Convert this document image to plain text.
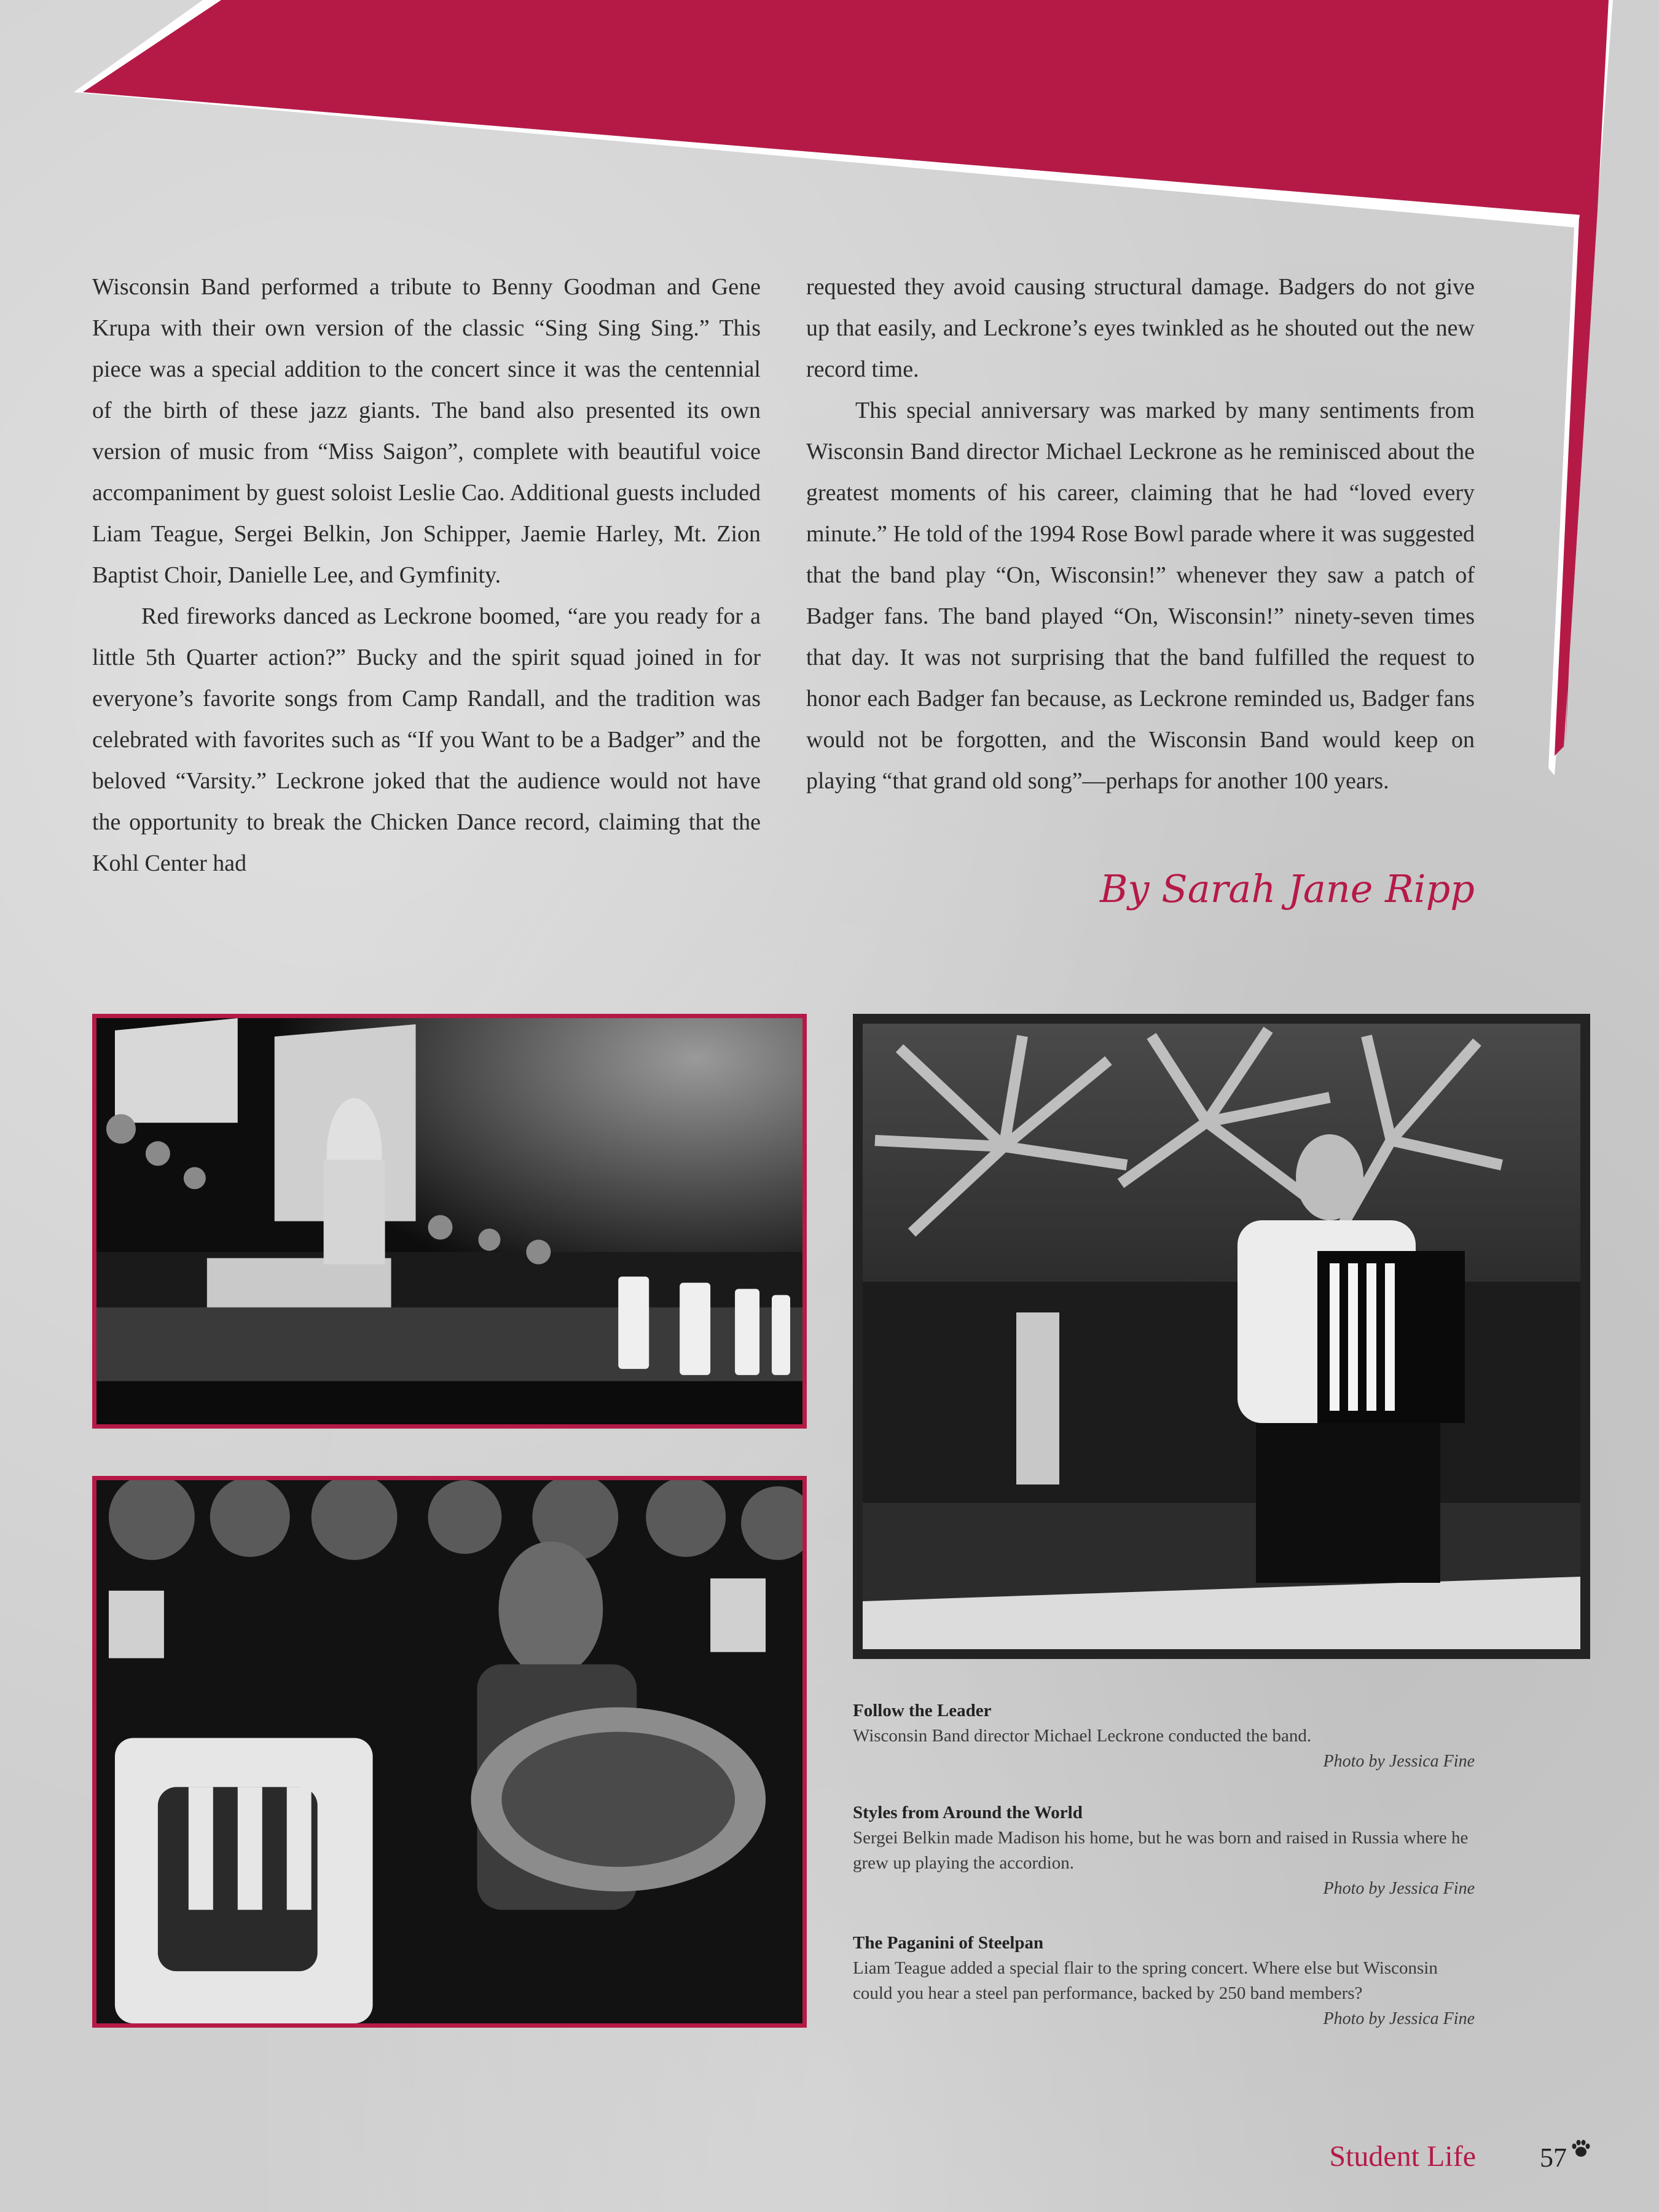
Wisconsin Band performed a tribute to Benny Goodman and Gene Krupa with their own version of the classic “Sing Sing Sing.” This piece was a special addition to the concert since it was the centennial of the birth of these jazz giants. The band also presented its own version of music from “Miss Saigon”, complete with beautiful voice accompaniment by guest soloist Leslie Cao. Additional guests included Liam Teague, Sergei Belkin, Jon Schipper, Jaemie Harley, Mt. Zion Baptist Choir, Danielle Lee, and Gymfinity.

Red fireworks danced as Leckrone boomed, “are you ready for a little 5th Quarter action?” Bucky and the spirit squad joined in for everyone’s favorite songs from Camp Randall, and the tradition was celebrated with favorites such as “If you Want to be a Badger” and the beloved “Varsity.” Leckrone joked that the audience would not have the opportunity to break the Chicken Dance record, claiming that the Kohl Center had

requested they avoid causing structural damage. Badgers do not give up that easily, and Leckrone’s eyes twinkled as he shouted out the new record time.

This special anniversary was marked by many sentiments from Wisconsin Band director Michael Leckrone as he reminisced about the greatest moments of his career, claiming that he had “loved every minute.” He told of the 1994 Rose Bowl parade where it was suggested that the band play “On, Wisconsin!” whenever they saw a patch of Badger fans. The band played “On, Wisconsin!” ninety-seven times that day. It was not surprising that the band fulfilled the request to honor each Badger fan because, as Leckrone reminded us, Badger fans would not be forgotten, and the Wisconsin Band would keep on playing “that grand old song”—perhaps for another 100 years.

By Sarah Jane Ripp
Follow the Leader
Wisconsin Band director Michael Leckrone conducted the band.
Photo by Jessica Fine
Styles from Around the World
Sergei Belkin made Madison his home, but he was born and raised in Russia where he grew up playing the accordion.
Photo by Jessica Fine
The Paganini of Steelpan
Liam Teague added a special flair to the spring concert. Where else but Wisconsin could you hear a steel pan performance, backed by 250 band members?
Photo by Jessica Fine
Student Life 57
